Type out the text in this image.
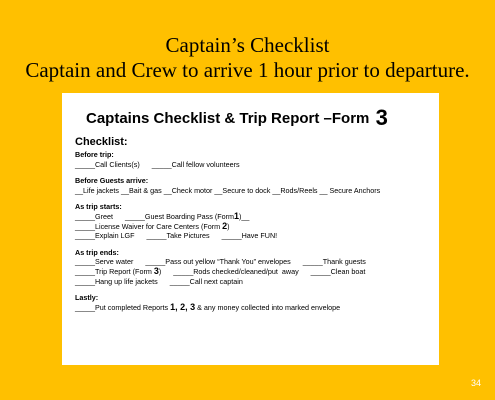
Captain’s Checklist
Captain and Crew to arrive 1 hour prior to departure.
Captains Checklist & Trip Report –Form 3
Checklist:
Before trip:
_____Call Clients(s)      _____Call fellow volunteers
Before Guests arrive:
__Life jackets __Bait & gas __Check motor __Secure to dock __Rods/Reels __ Secure Anchors
As trip starts:
_____Greet      _____Guest Boarding Pass (Form1)__
_____License Waiver for Care Centers (Form 2)
_____Explain LGF      _____Take Pictures      _____Have FUN!
As trip ends:
_____Serve water      _____Pass out yellow “Thank You” envelopes      _____Thank guests
_____Trip Report (Form 3)      _____Rods checked/cleaned/put  away      _____Clean boat
_____Hang up life jackets      _____Call next captain
Lastly:
_____Put completed Reports 1, 2, 3 & any money collected into marked envelope
34
